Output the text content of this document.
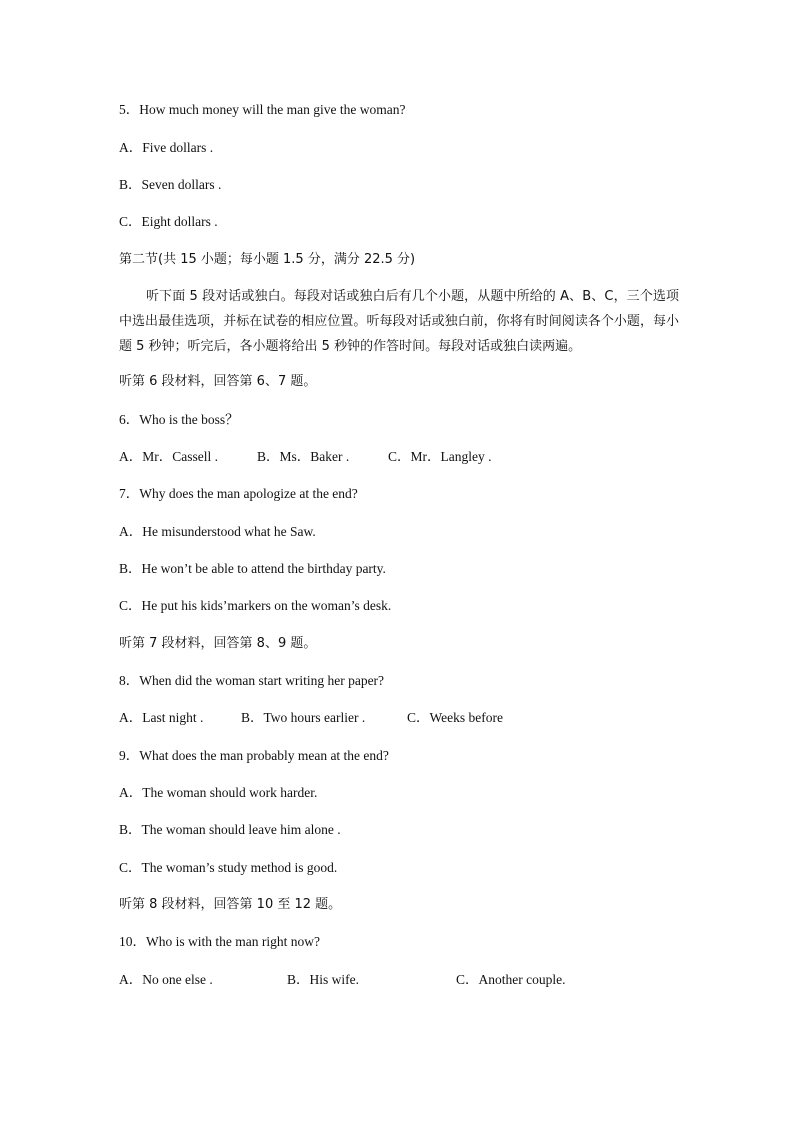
5．How much money will the man give the woman?
A．Five dollars .
B．Seven dollars .
C．Eight dollars .
第二节(共 15 小题；每小题 1.5 分，满分 22.5 分)
听下面 5 段对话或独白。每段对话或独白后有几个小题，从题中所给的 A、B、C，三个选项中选出最佳选项，并标在试卷的相应位置。听每段对话或独白前，你将有时间阅读各个小题，每小题 5 秒钟；听完后，各小题将给出 5 秒钟的作答时间。每段对话或独白读两遍。
听第 6 段材料，回答第 6、7 题。
6．Who is the boss？
A．Mr．Cassell .	B．Ms．Baker .	C．Mr．Langley .
7．Why does the man apologize at the end?
A．He misunderstood what he Saw.
B．He won’t be able to attend the birthday party.
C．He put his kids’markers on the woman’s desk.
听第 7 段材料，回答第 8、9 题。
8．When did the woman start writing her paper?
A．Last night .	B．Two hours earlier .	C．Weeks before
9．What does the man probably mean at the end?
A．The woman should work harder.
B．The woman should leave him alone .
C．The woman’s study method is good.
听第 8 段材料，回答第 10 至 12 题。
10．Who is with the man right now?
A．No one else .	B．His wife.	C．Another couple.
